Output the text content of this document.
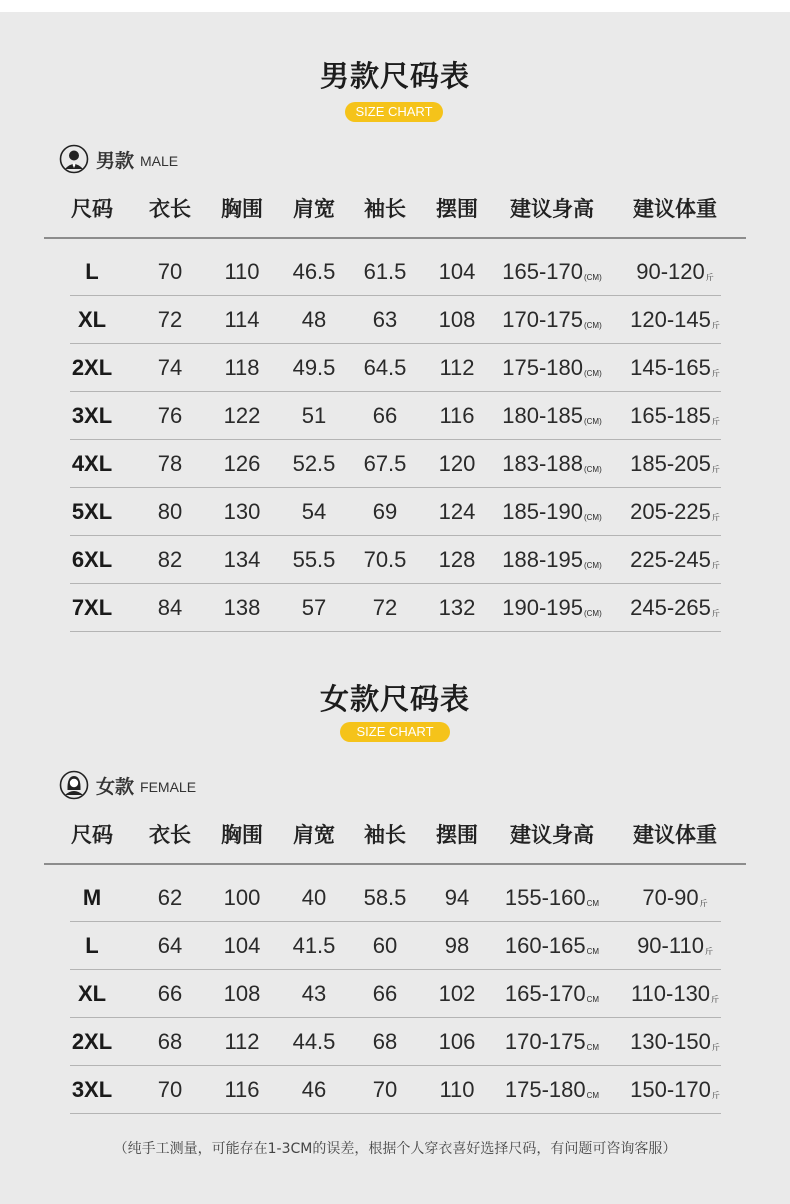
男款尺码表
SIZE CHART
男款 MALE
尺码	衣长	胸围	肩宽	袖长	摆围	建议身高	建议体重
L	70	110	46.5	61.5	104	$165-170_{(CM)}$	$90-120_斤$
XL	72	114	48	63	108	$170-175_{(CM)}$	$120-145_斤$
2XL	74	118	49.5	64.5	112	$175-180_{(CM)}$	$145-165_斤$
3XL	76	122	51	66	116	$180-185_{(CM)}$	$165-185_斤$
4XL	78	126	52.5	67.5	120	$183-188_{(CM)}$	$185-205_斤$
5XL	80	130	54	69	124	$185-190_{(CM)}$	$205-225_斤$
6XL	82	134	55.5	70.5	128	$188-195_{(CM)}$	$225-245_斤$
7XL	84	138	57	72	132	$190-195_{(CM)}$	$245-265_斤$
女款尺码表
SIZE CHART
女款 FEMALE
尺码	衣长	胸围	肩宽	袖长	摆围	建议身高	建议体重
M	62	100	40	58.5	94	$155-160_{CM}$	$70-90_斤$
L	64	104	41.5	60	98	$160-165_{CM}$	$90-110_斤$
XL	66	108	43	66	102	$165-170_{CM}$	$110-130_斤$
2XL	68	112	44.5	68	106	$170-175_{CM}$	$130-150_斤$
3XL	70	116	46	70	110	$175-180_{CM}$	$150-170_斤$
（纯手工测量，可能存在1-3CM的误差，根据个人穿衣喜好选择尺码，有问题可咨询客服）
